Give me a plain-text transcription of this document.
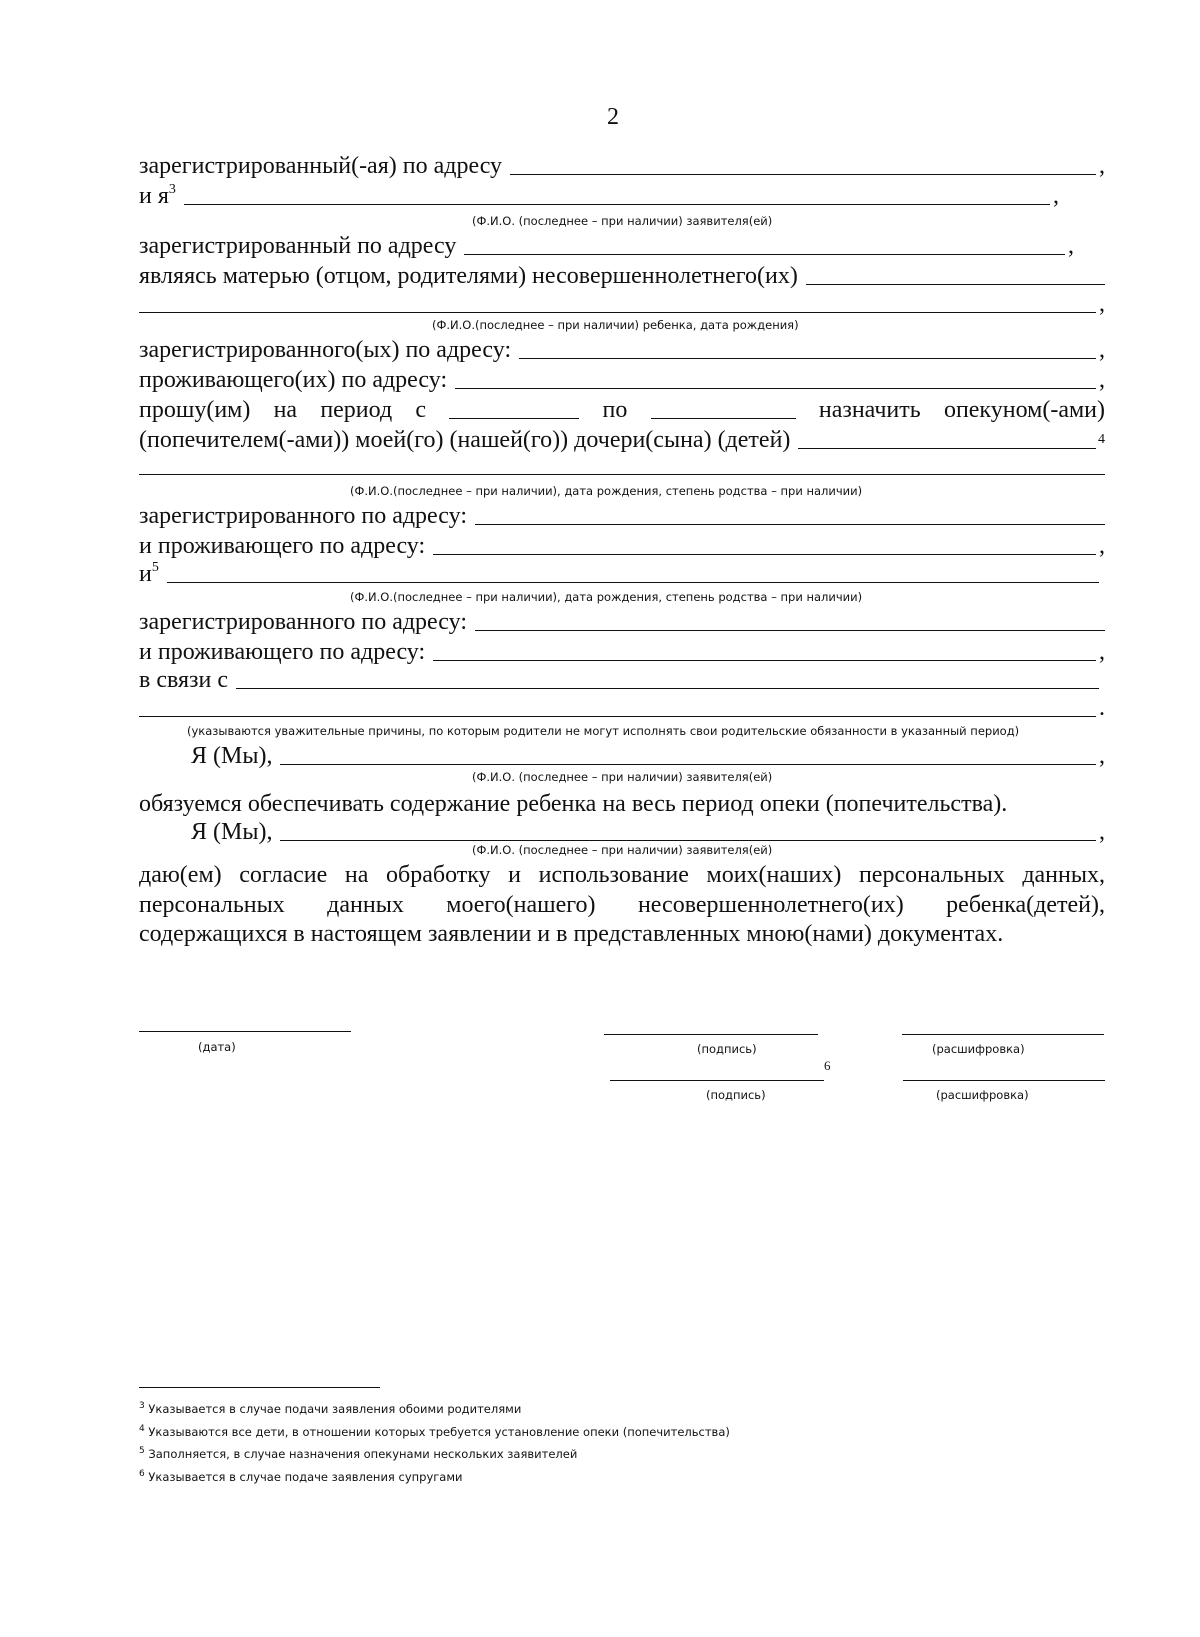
2
зарегистрированный(-ая) по адресу	,
и $я^3$	,
(Ф.И.О. (последнее – при наличии) заявителя(ей)
зарегистрированный по адресу	,
являясь матерью (отцом, родителями) несовершеннолетнего(их)
,
(Ф.И.О.(последнее – при наличии) ребенка, дата рождения)
зарегистрированного(ых) по адресу:	,
проживающего(их) по адресу:	,
прошу(им) на период с	по	назначить опекуном(-ами)
(попечителем(-ами)) моей(го) (нашей(го)) дочери(сына) (детей)	$^4$
(Ф.И.О.(последнее – при наличии), дата рождения, степень родства – при наличии)
зарегистрированного по адресу:
и проживающего по адресу:	,
$и^5$
(Ф.И.О.(последнее – при наличии), дата рождения, степень родства – при наличии)
зарегистрированного по адресу:
и проживающего по адресу:	,
в связи с
.
(указываются уважительные причины, по которым родители не могут исполнять свои родительские обязанности в указанный период)
Я (Мы),	,
(Ф.И.О. (последнее – при наличии) заявителя(ей)
обязуемся обеспечивать содержание ребенка на весь период опеки (попечительства).
Я (Мы),	,
(Ф.И.О. (последнее – при наличии) заявителя(ей)
даю(ем) согласие на обработку и использование моих(наших) персональных данных, персональных данных моего(нашего) несовершеннолетнего(их) ребенка(детей), содержащихся в настоящем заявлении и в представленных мною(нами) документах.
(дата)	(подпись)	(расшифровка)
6
(подпись)	(расшифровка)
$^3$ Указывается в случае подачи заявления обоими родителями
$^4$ Указываются все дети, в отношении которых требуется установление опеки (попечительства)
$^5$ Заполняется, в случае назначения опекунами нескольких заявителей
$^6$ Указывается в случае подаче заявления супругами
